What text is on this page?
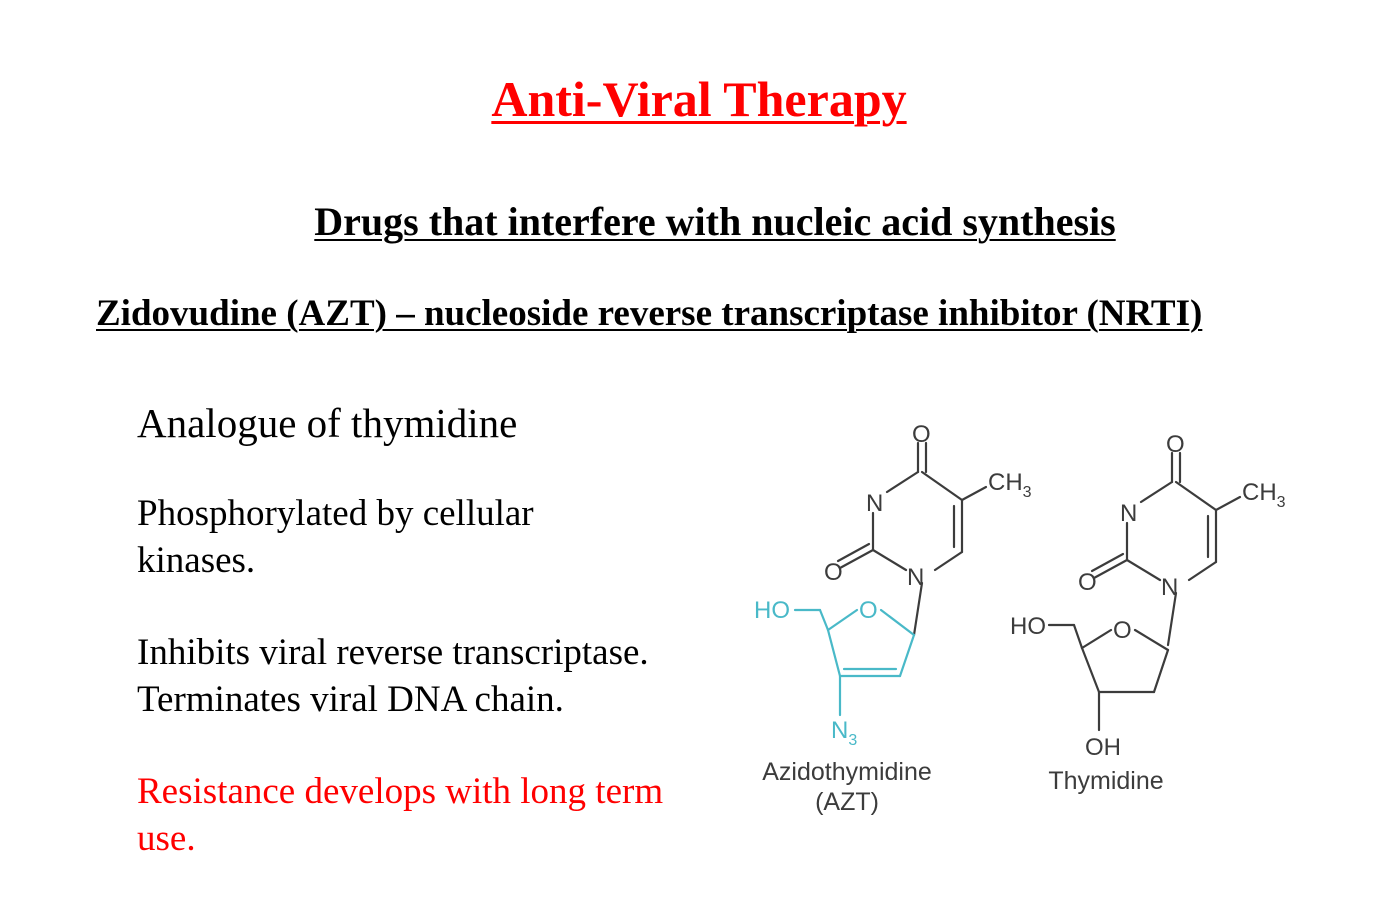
Anti-Viral Therapy
Drugs that interfere with nucleic acid synthesis
Zidovudine (AZT) – nucleoside reverse transcriptase inhibitor (NRTI)
Analogue of thymidine
Phosphorylated by cellular
kinases.
Inhibits viral reverse transcriptase.
Terminates viral DNA chain.
Resistance develops with long term
use.
O
N
$CH_3$
O	N
HO	O
$N_3$
Azidothymidine
(AZT)
O
N
$CH_3$
O	N
HO	O
OH
Thymidine
